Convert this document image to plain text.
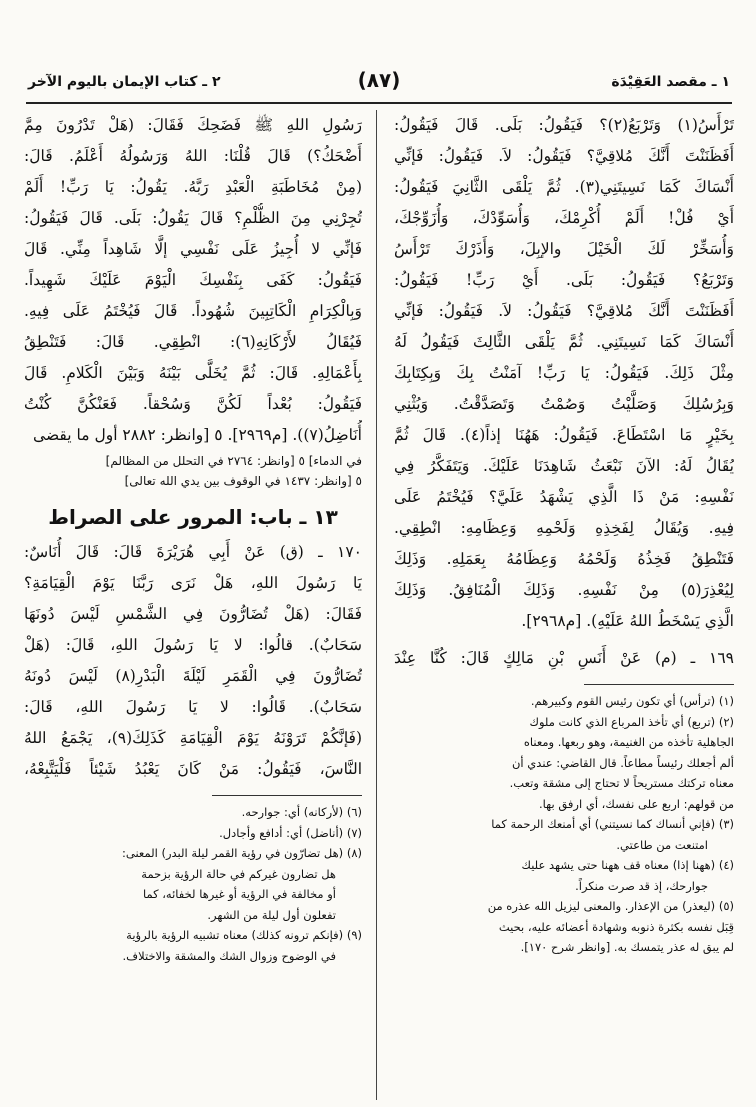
١ ـ مقصد العَقِيْدَة
(٨٧)
٢ ـ كتاب الإيمان باليوم الآخر
تَرْأَسُ(١) وَتَرْبَعُ(٢)؟ فَيَقُولُ: بَلَى. قَالَ فَيَقُولُ:
أَفَظَنَنْتَ أَنَّكَ مُلاقِيَّ؟ فَيَقُولُ: لاَ. فَيَقُولُ: فَإنِّي
أَنْسَاكَ كَمَا نَسِيتَنِي(٣). ثُمَّ يَلْقَى الثَّانِيَ فَيَقُولُ:
أَيْ فُلْ! أَلَمْ أُكْرِمْكَ، وَأُسَوِّدْكَ، وَأُزَوِّجْكَ،
وَأُسَخِّرْ لَكَ الْخَيْلَ والإبِلَ، وَأَذَرْكَ تَرْأَسُ
وَتَرْبَعُ؟ فَيَقُولُ: بَلَى. أَيْ رَبِّ! فَيَقُولُ:
أَفَظَنَنْتَ أَنَّكَ مُلاقِيَّ؟ فَيَقُولُ: لاَ. فَيَقُولُ: فَإنِّي
أَنْسَاكَ كَمَا نَسِيتَنِي. ثُمَّ يَلْقَى الثَّالِثَ فَيَقُولُ لَهُ
مِثْلَ ذَلِكَ. فَيَقُولُ: يَا رَبِّ! آمَنْتُ بِكَ وَبِكِتَابِكَ
وَبِرُسُلِكَ وَصَلَّيْتُ وَصُمْتُ وَتَصَدَّقْتُ. وَيُثْنِي
بِخَيْرٍ مَا اسْتَطَاعَ. فَيَقُولُ: هَهُنَا إذاً(٤). قَالَ ثُمَّ
يُقَالُ لَهُ: الآنَ نَبْعَثُ شَاهِدَنَا عَلَيْكَ. وَيَتَفَكَّرُ فِي
نَفْسِهِ: مَنْ ذَا الَّذِي يَشْهَدُ عَلَيَّ؟ فَيُخْتَمُ عَلَى
فِيهِ. وَيُقَالُ لِفَخِذِهِ وَلَحْمِهِ وَعِظَامِهِ: انْطِقِي.
فَتَنْطِقُ فَخِذُهُ وَلَحْمُهُ وَعِظَامُهُ بِعَمَلِهِ. وَذَلِكَ
لِيُعْذِرَ(٥) مِنْ نَفْسِهِ. وَذَلِكَ الْمُنَافِقُ. وَذَلِكَ
الَّذِي يَسْخَطُ اللهُ عَلَيْهِ). [م٢٩٦٨].
١٦٩ ـ (م) عَنْ أَنَسِ بْنِ مَالِكٍ قَالَ: كُنَّا عِنْدَ
(١) (ترأس) أي تكون رئيس القوم وكبيرهم.
(٢) (تربع) أي تأخذ المرباع الذي كانت ملوك
الجاهلية تأخذه من الغنيمة، وهو ربعها. ومعناه
ألم أجعلك رئيساً مطاعاً. قال القاضي: عندي أن
معناه تركتك مستريحاً لا تحتاج إلى مشقة وتعب.
من قولهم: اربع على نفسك، أي ارفق بها.
(٣) (فإني أنساك كما نسيتني) أي أمنعك الرحمة كما
امتنعت من طاعتي.
(٤) (ههنا إذا) معناه قف ههنا حتى يشهد عليك
جوارحك، إذ قد صرت منكراً.
(٥) (ليعذر) من الإعذار. والمعنى ليزيل الله عذره من
قِبَل نفسه بكثرة ذنوبه وشهادة أعضائه عليه، بحيث
لم يبق له عذر يتمسك به. [وانظر شرح ١٧٠].
رَسُولِ اللهِ ﷺ فَضَحِكَ فَقَالَ: (هَلْ تَدْرُونَ مِمَّ
أَضْحَكُ؟) قَالَ قُلْنَا: اللهُ وَرَسُولُهُ أَعْلَمُ. قَالَ:
(مِنْ مُخَاطَبَةِ الْعَبْدِ رَبَّهُ. يَقُولُ: يَا رَبِّ! أَلَمْ
تُجِرْنِي مِنَ الظُّلْمِ؟ قَالَ يَقُولُ: بَلَى. قَالَ فَيَقُولُ:
فَإنِّي لا أُجِيزُ عَلَى نَفْسِي إلَّا شَاهِداً مِنِّي. قَالَ
فَيَقُولُ: كَفَى بِنَفْسِكَ الْيَوْمَ عَلَيْكَ شَهِيداً.
وَبِالْكِرَامِ الْكَاتِبِينَ شُهُوداً. قَالَ فَيُخْتَمُ عَلَى فِيهِ.
فَيُقَالُ لأَرْكَانِهِ(٦): انْطِقِي. قَالَ: فَتَنْطِقُ
بِأَعْمَالِهِ. قَالَ: ثُمَّ يُخَلَّى بَيْنَهُ وَبَيْنَ الْكَلامِ. قَالَ
فَيَقُولُ: بُعْداً لَكُنَّ وَسُحْقاً. فَعَنْكُنَّ كُنْتُ
أُنَاضِلُ(٧)). [م٢٩٦٩]. ٥ [وانظر: ٢٨٨٢ أول ما يقضى
في الدماء] ٥ [وانظر: ٢٧٦٤ في التحلل من المظالم]
٥ [وانظر: ١٤٣٧ في الوقوف بين يدي الله تعالى]
١٣ ـ باب: المرور على الصراط
١٧٠ ـ (ق) عَنْ أَبِي هُرَيْرَةَ قَالَ: قَالَ أُنَاسٌ:
يَا رَسُولَ اللهِ، هَلْ نَرَى رَبَّنَا يَوْمَ الْقِيَامَةِ؟
فَقَالَ: (هَلْ تُضَارُّونَ فِي الشَّمْسِ لَيْسَ دُونَهَا
سَحَابٌ). قالُوا: لا يَا رَسُولَ اللهِ، قَالَ: (هَلْ
تُضَارُّونَ فِي الْقَمَرِ لَيْلَةَ الْبَدْرِ(٨) لَيْسَ دُونَهُ
سَحَابٌ). قَالُوا: لا يَا رَسُولَ اللهِ، قَالَ:
(فَإنَّكُمْ تَرَوْنَهُ يَوْمَ الْقِيَامَةِ كَذَلِكَ(٩)، يَجْمَعُ اللهُ
النَّاسَ، فَيَقُولُ: مَنْ كَانَ يَعْبُدُ شَيْئاً فَلْيَتَّبِعْهُ،
(٦) (لأركانه) أي: جوارحه.
(٧) (أناضل) أي: أدافع وأجادل.
(٨) (هل تضارّون في رؤية القمر ليلة البدر) المعنى:
هل تضارون غيركم في حالة الرؤية بزحمة
أو مخالفة في الرؤية أو غيرها لخفائه، كما
تفعلون أول ليلة من الشهر.
(٩) (فإنكم ترونه كذلك) معناه تشبيه الرؤية بالرؤية
في الوضوح وزوال الشك والمشقة والاختلاف.
